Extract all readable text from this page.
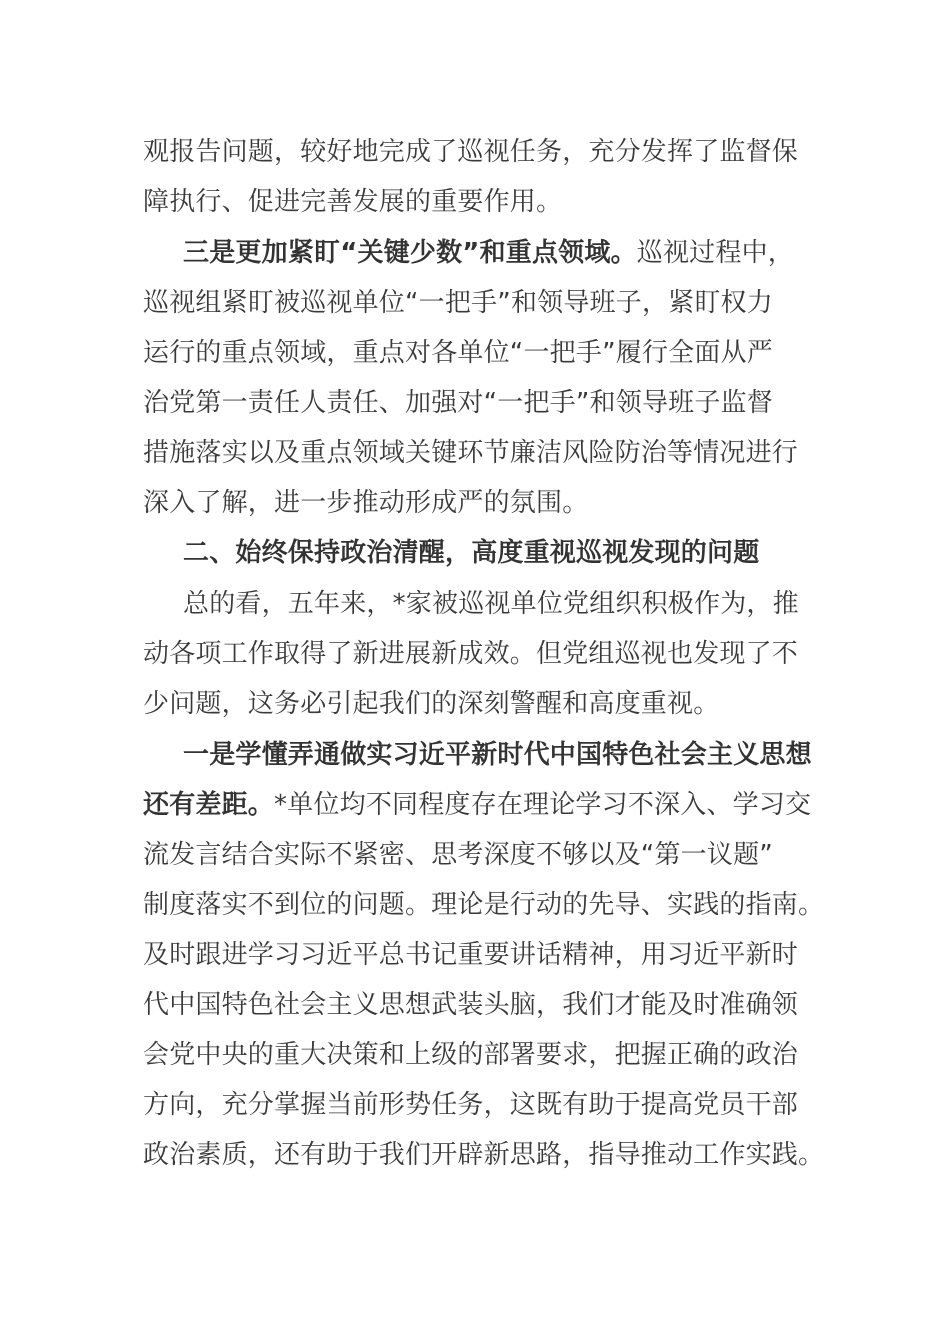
观报告问题，较好地完成了巡视任务，充分发挥了监督保
障执行、促进完善发展的重要作用。
三是更加紧盯“关键少数”和重点领域。巡视过程中，
巡视组紧盯被巡视单位“一把手”和领导班子，紧盯权力
运行的重点领域，重点对各单位“一把手”履行全面从严
治党第一责任人责任、加强对“一把手”和领导班子监督
措施落实以及重点领域关键环节廉洁风险防治等情况进行
深入了解，进一步推动形成严的氛围。
二、始终保持政治清醒，高度重视巡视发现的问题
总的看，五年来，*家被巡视单位党组织积极作为，推
动各项工作取得了新进展新成效。但党组巡视也发现了不
少问题，这务必引起我们的深刻警醒和高度重视。
一是学懂弄通做实习近平新时代中国特色社会主义思想
还有差距。*单位均不同程度存在理论学习不深入、学习交
流发言结合实际不紧密、思考深度不够以及“第一议题”
制度落实不到位的问题。理论是行动的先导、实践的指南。
及时跟进学习习近平总书记重要讲话精神，用习近平新时
代中国特色社会主义思想武装头脑，我们才能及时准确领
会党中央的重大决策和上级的部署要求，把握正确的政治
方向，充分掌握当前形势任务，这既有助于提高党员干部
政治素质，还有助于我们开辟新思路，指导推动工作实践。
